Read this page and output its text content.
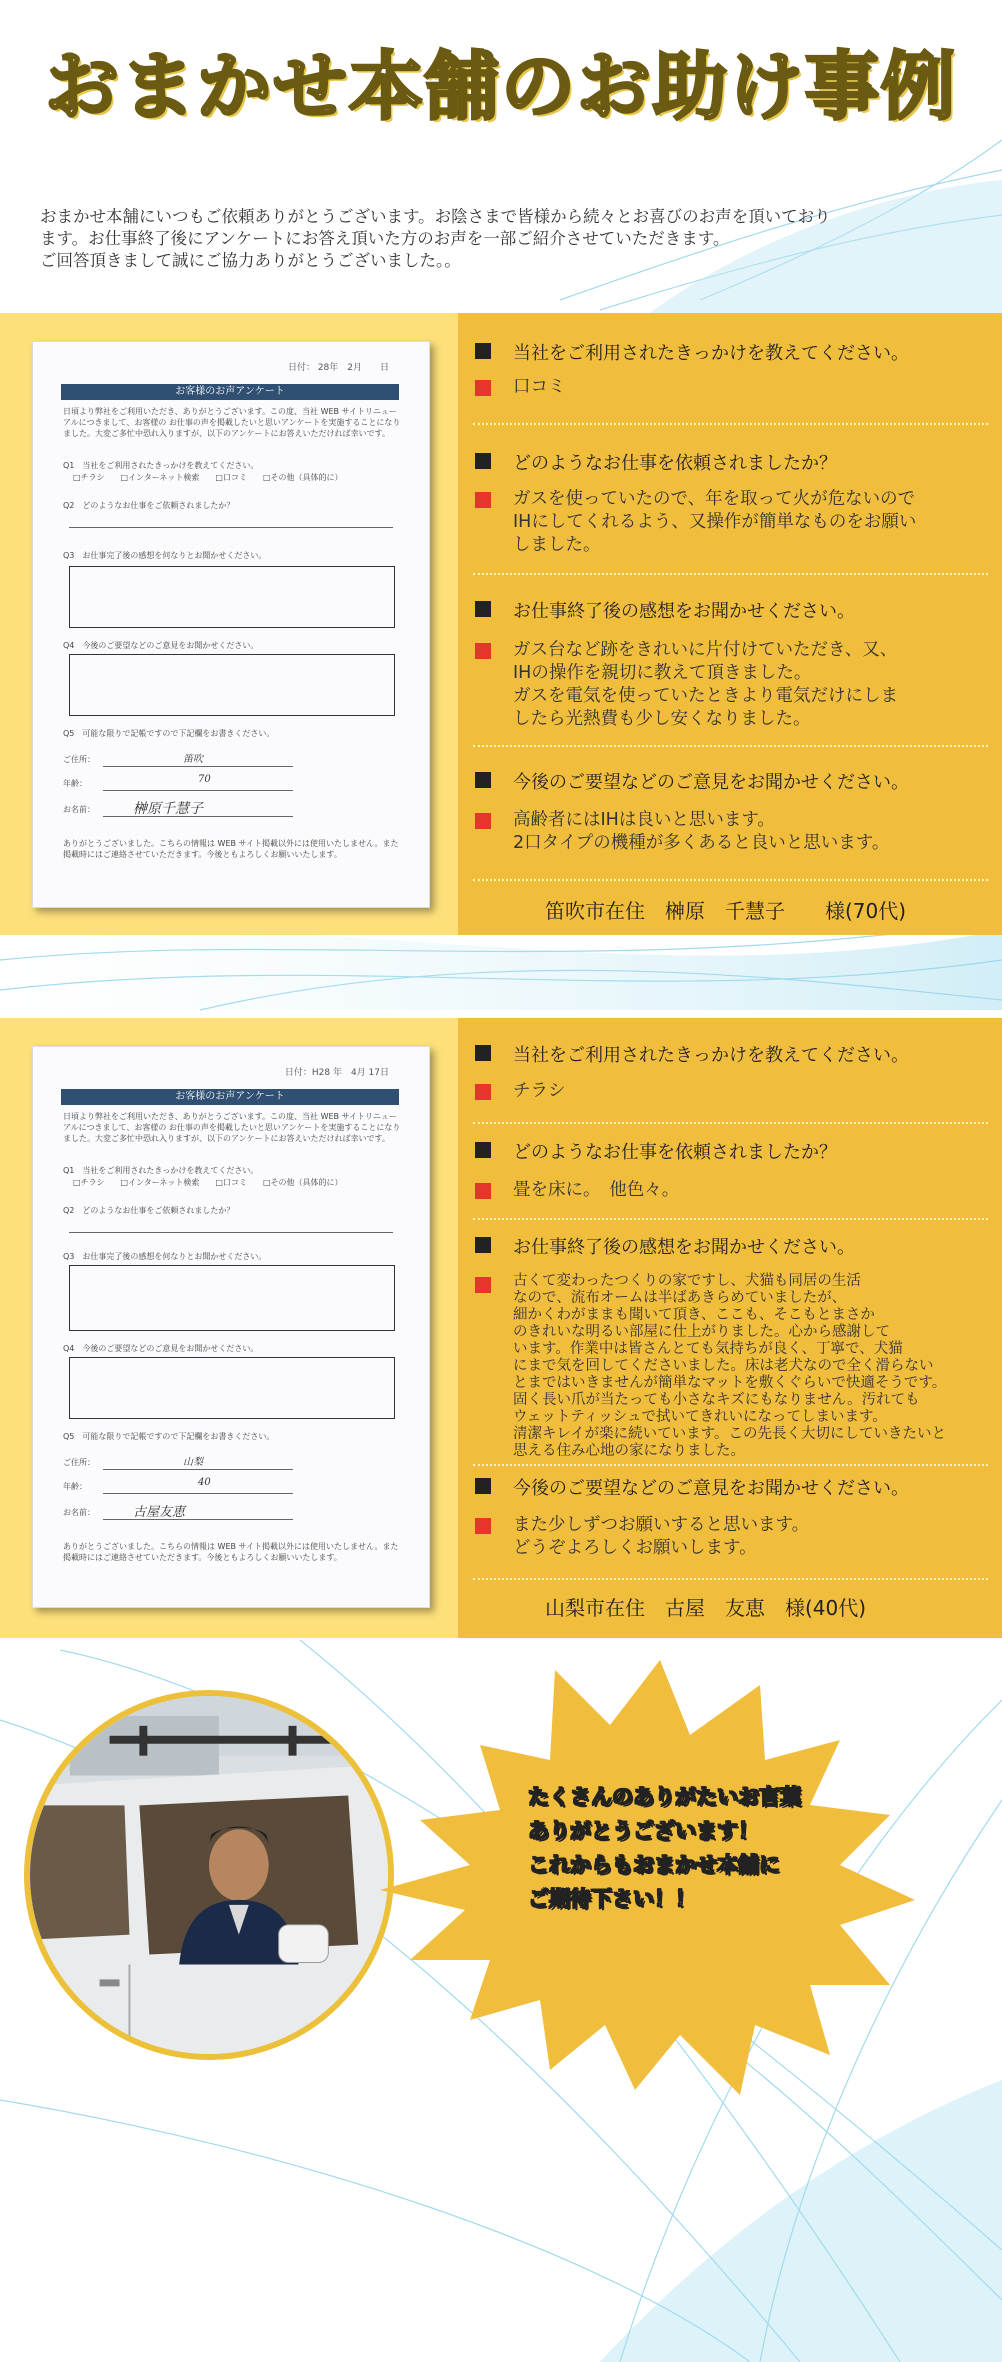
おまかせ本舗のお助け事例
おまかせ本舗にいつもご依頼ありがとうございます。お陰さまで皆様から続々とお喜びのお声を頂いており
ます。お仕事終了後にアンケートにお答え頂いた方のお声を一部ご紹介させていただきます。
ご回答頂きまして誠にご協力ありがとうございました。。
日付： 28年　2月　　日
お客様のお声アンケート
日頃より弊社をご利用いただき、ありがとうございます。この度、当社 WEB サイトリニューアルにつきまして、お客様の お仕事の声を掲載したいと思いアンケートを実施することになりました。大変ご多忙中恐れ入りますが、以下のアンケートにお答えいただければ幸いです。
Q1　当社をご利用されたきっかけを教えてください。
□チラシ　　□インターネット検索　　□口コミ　　□その他（具体的に）
Q2　どのようなお仕事をご依頼されましたか？
Q3　お仕事完了後の感想を何なりとお聞かせください。
Q4　今後のご要望などのご意見をお聞かせください。
Q5　可能な限りで記帳ですので下記欄をお書きください。
ご住所：	笛吹
年齢：	70
お名前：	榊原千慧子
ありがとうございました。こちらの情報は WEB サイト掲載以外には使用いたしません。また掲載時にはご連絡させていただきます。今後ともよろしくお願いいたします。
当社をご利用されたきっかけを教えてください。
口コミ
どのようなお仕事を依頼されましたか？
ガスを使っていたので、年を取って火が危ないので
IHにしてくれるよう、又操作が簡単なものをお願い
しました。
お仕事終了後の感想をお聞かせください。
ガス台など跡をきれいに片付けていただき、又、
IHの操作を親切に教えて頂きました。
ガスを電気を使っていたときより電気だけにしま
したら光熱費も少し安くなりました。
今後のご要望などのご意見をお聞かせください。
高齢者にはIHは良いと思います。
2口タイプの機種が多くあると良いと思います。
笛吹市在住　榊原　千慧子　　様(70代)
日付：H28 年　4月 17日
お客様のお声アンケート
日頃より弊社をご利用いただき、ありがとうございます。この度、当社 WEB サイトリニューアルにつきまして、お客様の お仕事の声を掲載したいと思いアンケートを実施することになりました。大変ご多忙中恐れ入りますが、以下のアンケートにお答えいただければ幸いです。
Q1　当社をご利用されたきっかけを教えてください。
□チラシ　　□インターネット検索　　□口コミ　　□その他（具体的に）
Q2　どのようなお仕事をご依頼されましたか？
Q3　お仕事完了後の感想を何なりとお聞かせください。
Q4　今後のご要望などのご意見をお聞かせください。
Q5　可能な限りで記帳ですので下記欄をお書きください。
ご住所：	山梨
年齢：	40
お名前：	古屋友恵
ありがとうございました。こちらの情報は WEB サイト掲載以外には使用いたしません。また掲載時にはご連絡させていただきます。今後ともよろしくお願いいたします。
当社をご利用されたきっかけを教えてください。
チラシ
どのようなお仕事を依頼されましたか？
畳を床に。　他色々。
お仕事終了後の感想をお聞かせください。
古くて変わったつくりの家ですし、犬猫も同居の生活
なので、流布オームは半ばあきらめていましたが、
細かくわがままも聞いて頂き、ここも、そこもとまさか
のきれいな明るい部屋に仕上がりました。心から感謝して
います。作業中は皆さんとても気持ちが良く、丁寧で、犬猫
にまで気を回してくださいました。床は老犬なので全く滑らない
とまではいきませんが簡単なマットを敷くぐらいで快適そうです。
固く長い爪が当たっても小さなキズにもなりません。汚れても
ウェットティッシュで拭いてきれいになってしまいます。
清潔キレイが楽に続いています。この先長く大切にしていきたいと
思える住み心地の家になりました。
今後のご要望などのご意見をお聞かせください。
また少しずつお願いすると思います。
どうぞよろしくお願いします。
山梨市在住　古屋　友恵　様(40代)
たくさんのありがたいお言葉
ありがとうございます！
これからもおまかせ本舗に
ご期待下さい！！
